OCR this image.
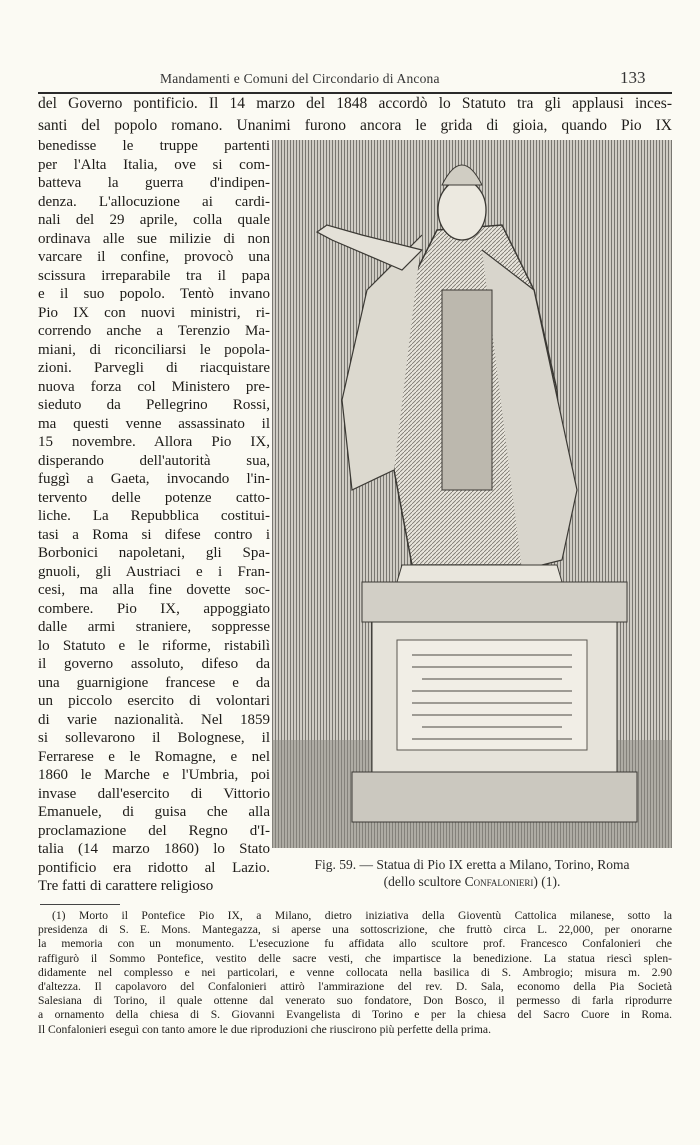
Mandamenti e Comuni del Circondario di Ancona	133
del Governo pontificio. Il 14 marzo del 1848 accordò lo Statuto tra gli applausi inces-
santi del popolo romano. Unanimi furono ancora le grida di gioia, quando Pio IX
benedisse le truppe partenti
per l'Alta Italia, ove si com-
batteva la guerra d'indipen-
denza. L'allocuzione ai cardi-
nali del 29 aprile, colla quale
ordinava alle sue milizie di non
varcare il confine, provocò una
scissura irreparabile tra il papa
e il suo popolo. Tentò invano
Pio IX con nuovi ministri, ri-
correndo anche a Terenzio Ma-
miani, di riconciliarsi le popola-
zioni. Parvegli di riacquistare
nuova forza col Ministero pre-
sieduto da Pellegrino Rossi,
ma questi venne assassinato il
15 novembre. Allora Pio IX,
disperando dell'autorità sua,
fuggì a Gaeta, invocando l'in-
tervento delle potenze catto-
liche. La Repubblica costitui-
tasi a Roma si difese contro i
Borbonici napoletani, gli Spa-
gnuoli, gli Austriaci e i Fran-
cesi, ma alla fine dovette soc-
combere. Pio IX, appoggiato
dalle armi straniere, soppresse
lo Statuto e le riforme, ristabilì
il governo assoluto, difeso da
una guarnigione francese e da
un piccolo esercito di volontari
di varie nazionalità. Nel 1859
si sollevarono il Bolognese, il
Ferrarese e le Romagne, e nel
1860 le Marche e l'Umbria, poi
invase dall'esercito di Vittorio
Emanuele, di guisa che alla
proclamazione del Regno d'I-
talia (14 marzo 1860) lo Stato
pontificio era ridotto al Lazio.
Tre fatti di carattere religioso
Fig. 59. — Statua di Pio IX eretta a Milano, Torino, Roma
(dello scultore Confalonieri) (1).
(1) Morto il Pontefice Pio IX, a Milano, dietro iniziativa della Gioventù Cattolica milanese, sotto la
presidenza di S. E. Mons. Mantegazza, si aperse una sottoscrizione, che fruttò circa L. 22,000, per onorarne
la memoria con un monumento. L'esecuzione fu affidata allo scultore prof. Francesco Confalonieri che
raffigurò il Sommo Pontefice, vestito delle sacre vesti, che impartisce la benedizione. La statua riescì splen-
didamente nel complesso e nei particolari, e venne collocata nella basilica di S. Ambrogio; misura m. 2.90
d'altezza. Il capolavoro del Confalonieri attirò l'ammirazione del rev. D. Sala, economo della Pia Società
Salesiana di Torino, il quale ottenne dal venerato suo fondatore, Don Bosco, il permesso di farla riprodurre
a ornamento della chiesa di S. Giovanni Evangelista di Torino e per la chiesa del Sacro Cuore in Roma.
Il Confalonieri eseguì con tanto amore le due riproduzioni che riuscirono più perfette della prima.
